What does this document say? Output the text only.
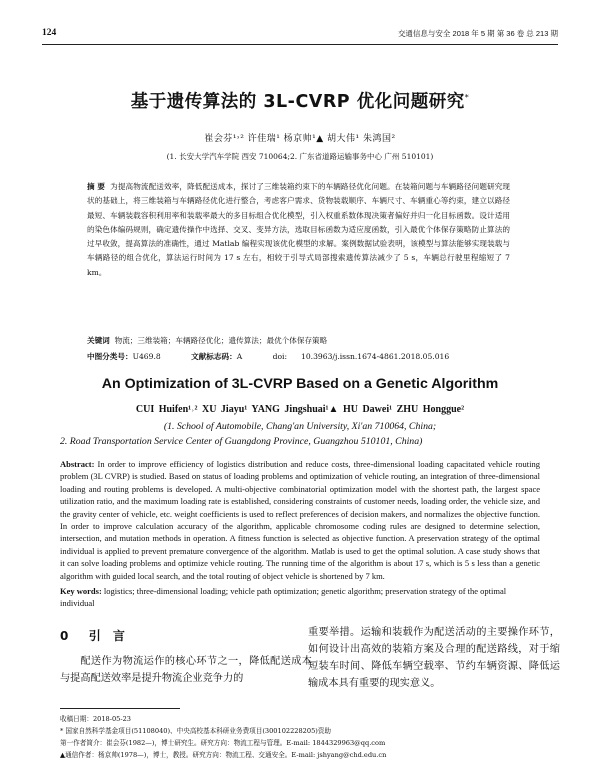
124	交通信息与安全 2018 年 5 期 第 36 卷 总 213 期
基于遗传算法的 3L-CVRP 优化问题研究*
崔会芬¹˒² 许佳瑞¹ 杨京帅¹▲ 胡大伟¹ 朱鸿国²
(1. 长安大学汽车学院 西安 710064;2. 广东省道路运输事务中心 广州 510101)
摘 要 为提高物流配送效率，降低配送成本，探讨了三维装箱约束下的车辆路径优化问题。在装箱问题与车辆路径问题研究现状的基础上，将三维装箱与车辆路径优化进行整合，考虑客户需求、货物装载顺序、车辆尺寸、车辆重心等约束，建立以路径最短、车辆装载容积利用率和装载率最大的多目标组合优化模型，引入权重系数体现决策者偏好并归一化目标函数。设计适用的染色体编码规则，确定遗传操作中选择、交叉、变异方法，选取目标函数为适应度函数，引入最优个体保存策略防止算法的过早收敛，提高算法的准确性，通过 Matlab 编程实现该优化模型的求解。案例数据试验表明，该模型与算法能够实现装载与车辆路径的组合优化，算法运行时间为 17 s 左右，相较于引导式局部搜索遗传算法减少了 5 s，车辆总行驶里程缩短了 7 km。
关键词 物流；三维装箱；车辆路径优化；遗传算法；最优个体保存策略
中图分类号：U469.8	文献标志码：A	doi: 10.3963/j.issn.1674-4861.2018.05.016
An Optimization of 3L-CVRP Based on a Genetic Algorithm
CUI Huifen¹˒² XU Jiayu¹ YANG Jingshuai¹▲ HU Dawei¹ ZHU Honggue²
(1. School of Automobile, Chang'an University, Xi'an 710064, China;
2. Road Transportation Service Center of Guangdong Province, Guangzhou 510101, China)
Abstract: In order to improve efficiency of logistics distribution and reduce costs, three-dimensional loading capacitated vehicle routing problem (3L CVRP) is studied. Based on status of loading problems and optimization of vehicle routing, an integration of three-dimensional loading and routing problems is developed. A multi-objective combinatorial optimization model with the shortest path, the largest space utilization ratio, and the maximum loading rate is established, considering constraints of customer needs, loading order, the vehicle size, and the gravity center of vehicle, etc. weight coefficients is used to reflect preferences of decision makers, and normalizes the objective function. In order to improve calculation accuracy of the algorithm, applicable chromosome coding rules are designed to determine selection, intersection, and mutation methods in operation. A fitness function is selected as objective function. A preservation strategy of the optimal individual is applied to prevent premature convergence of the algorithm. Matlab is used to get the optimal solution. A case study shows that it can solve loading problems and optimize vehicle routing. The running time of the algorithm is about 17 s, which is 5 s less than a genetic algorithm with guided local search, and the total routing of object vehicle is shortened by 7 km.
Key words: logistics; three-dimensional loading; vehicle path optimization; genetic algorithm; preservation strategy of the optimal individual
0 引 言

配送作为物流运作的核心环节之一，降低配送成本与提高配送效率是提升物流企业竞争力的

重要举措。运输和装载作为配送活动的主要操作环节，如何设计出高效的装箱方案及合理的配送路线，对于缩短装车时间、降低车辆空载率、节约车辆资源、降低运输成本具有重要的现实意义。

收稿日期：2018-05-23
* 国家自然科学基金项目(51108040)、中央高校基本科研业务费项目(300102228205)资助
第一作者简介：崔会芬(1982—)，博士研究生。研究方向：物流工程与管理。E-mail: 1844329963@qq.com
▲通信作者：杨京帅(1978—)，博士，教授。研究方向：物流工程、交通安全。E-mail: jshyang@chd.edu.cn
